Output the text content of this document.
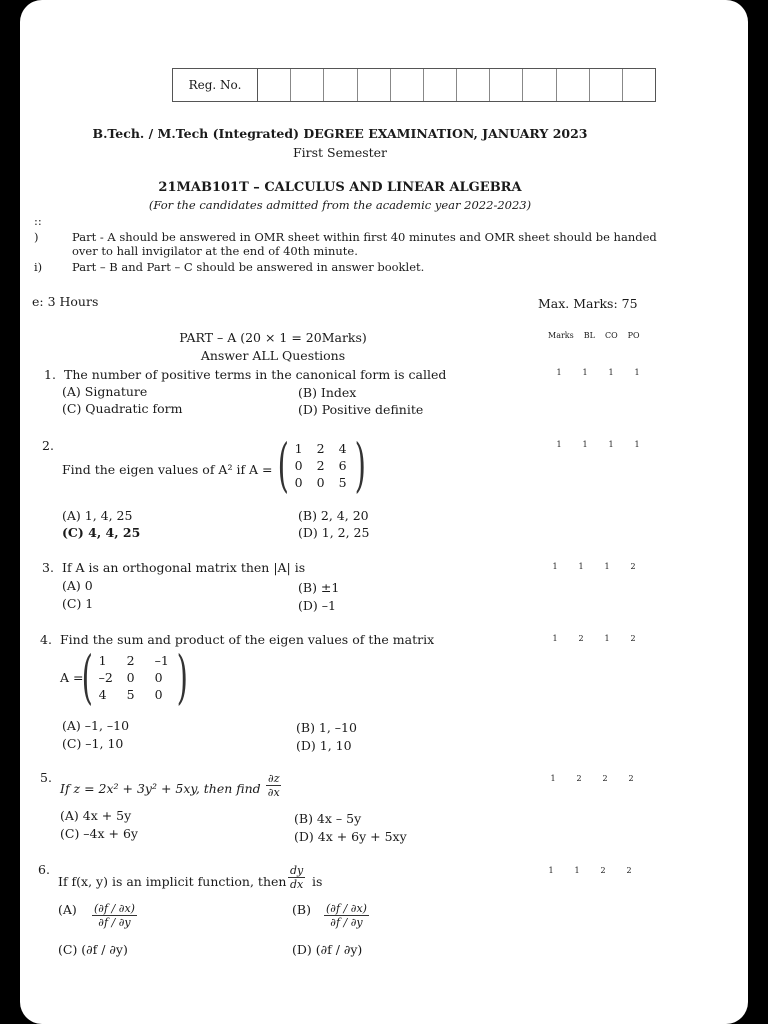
Reg. No.
B.Tech. / M.Tech (Integrated) DEGREE EXAMINATION, JANUARY 2023
First Semester
21MAB101T – CALCULUS AND LINEAR ALGEBRA
(For the candidates admitted from the academic year 2022-2023)
::
)	Part - A should be answered in OMR sheet within first 40 minutes and OMR sheet should be handed
over to hall invigilator at the end of 40th minute.
i)	Part – B and Part – C should be answered in answer booklet.
e: 3 Hours	Max. Marks: 75
PART – A (20 × 1 = 20Marks)
Answer ALL Questions
Marks BL CO PO
1. The number of positive terms in the canonical form is called
(A) Signature	(B) Index
(C) Quadratic form	(D) Positive definite
1	1	1	1
2.
Find the eigen values of A² if A = ( 1 2 4
0 2 6
0 0 5 )
(A) 1, 4, 25	(B) 2, 4, 20
(C) 4, 4, 25	(D) 1, 2, 25
1	1	1	1
3. If A is an orthogonal matrix then |A| is
(A) 0	(B) ±1
(C) 1	(D) –1
1	1	1	2
4. Find the sum and product of the eigen values of the matrix
A =
( 1	2	–1
–2 0	0
4	5	0 )
(A) –1, –10	(B) 1, –10
(C) –1, 10	(D) 1, 10
1	2	1	2
5.
If z = 2x² + 3y² + 5xy, then find $\frac{\partial z}{\partial x}$
(A) 4x + 5y	(B) 4x – 5y
(C) –4x + 6y	(D) 4x + 6y + 5xy
1	2	2	2
6.
If f(x, y) is an implicit function, then $\frac{dy}{dx}$ is
$(A) \frac{(\partial f / \partial x)}{\partial f / \partial y}$	$(B) \frac{(\partial f / \partial x)}{\partial f / \partial y}$
(C) (∂f / ∂y)	(D) (∂f / ∂y)
1	1	2	2
